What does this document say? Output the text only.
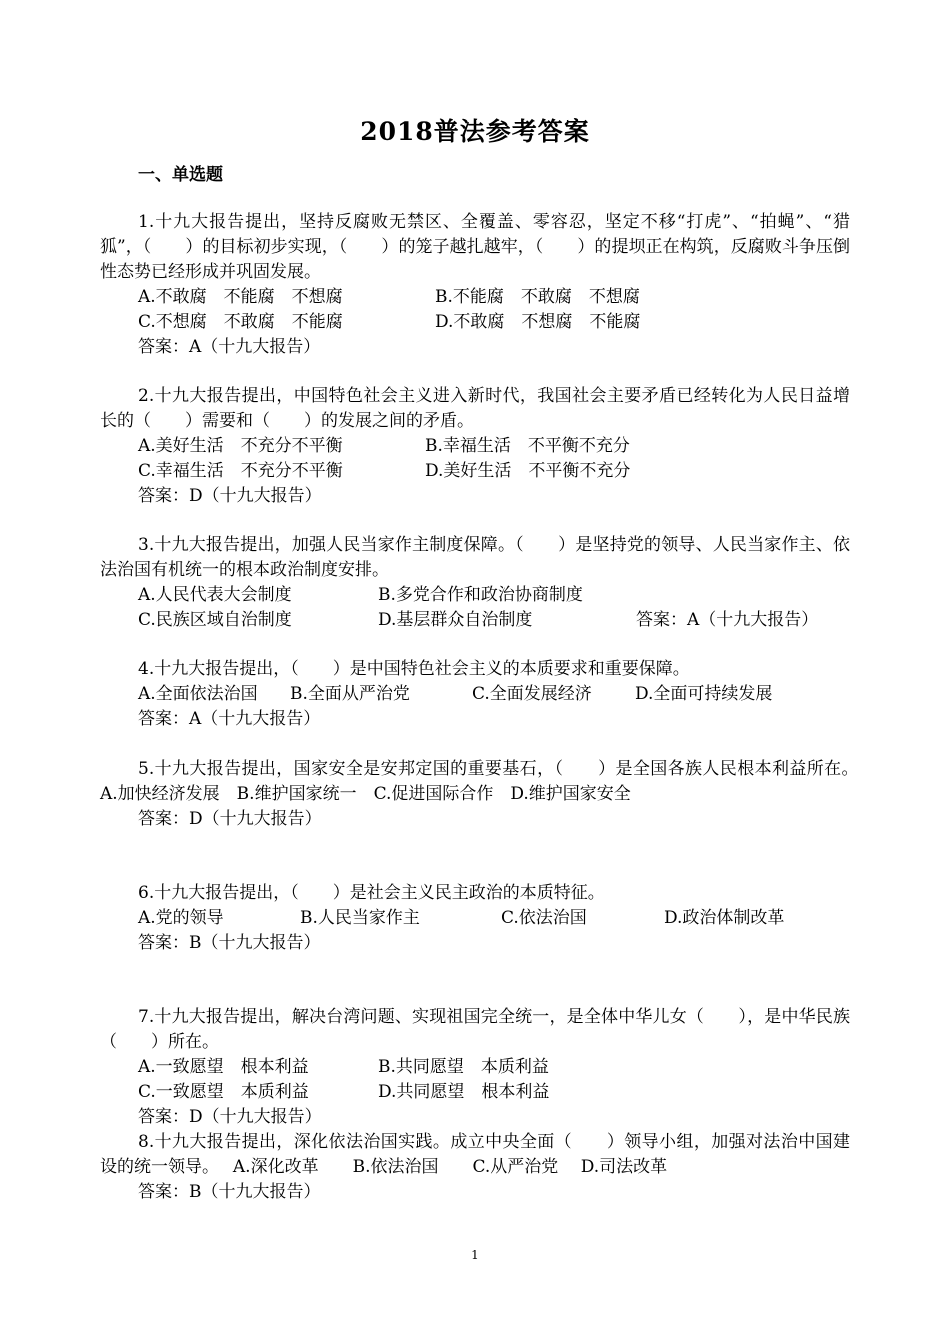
2018普法参考答案
一、单选题
1.十九大报告提出，坚持反腐败无禁区、全覆盖、零容忍，坚定不移“打虎”、“拍蝇”、“猎狐”，（　　）的目标初步实现，（　　）的笼子越扎越牢，（　　）的提坝正在构筑，反腐败斗争压倒性态势已经形成并巩固发展。
A.不敢腐　不能腐　不想腐	B.不能腐　不敢腐　不想腐
C.不想腐　不敢腐　不能腐	D.不敢腐　不想腐　不能腐
答案：A（十九大报告）
2.十九大报告提出，中国特色社会主义进入新时代，我国社会主要矛盾已经转化为人民日益增长的（　　）需要和（　　）的发展之间的矛盾。
A.美好生活　不充分不平衡	B.幸福生活　不平衡不充分
C.幸福生活　不充分不平衡	D.美好生活　不平衡不充分
答案：D（十九大报告）
3.十九大报告提出，加强人民当家作主制度保障。（　　）是坚持党的领导、人民当家作主、依法治国有机统一的根本政治制度安排。
A.人民代表大会制度	B.多党合作和政治协商制度
C.民族区域自治制度	D.基层群众自治制度	答案：A（十九大报告）
4.十九大报告提出，（　　）是中国特色社会主义的本质要求和重要保障。
A.全面依法治国 B.全面从严治党	C.全面发展经济	D.全面可持续发展
答案：A（十九大报告）
5.十九大报告提出，国家安全是安邦定国的重要基石，（　　）是全国各族人民根本利益所在。　　A.加快经济发展　B.维护国家统一　C.促进国际合作　D.维护国家安全
答案：D（十九大报告）
6.十九大报告提出，（　　）是社会主义民主政治的本质特征。
A.党的领导	B.人民当家作主	C.依法治国	D.政治体制改革
答案：B（十九大报告）
7.十九大报告提出，解决台湾问题、实现祖国完全统一，是全体中华儿女（　　），是中华民族（　　）所在。
A.一致愿望　根本利益	B.共同愿望　本质利益
C.一致愿望　本质利益	D.共同愿望　根本利益
答案：D（十九大报告）
8.十九大报告提出，深化依法治国实践。成立中央全面（　　）领导小组，加强对法治中国建设的统一领导。　 A.深化改革　　B.依法治国　　C.从严治党　 D.司法改革
答案：B（十九大报告）
1
